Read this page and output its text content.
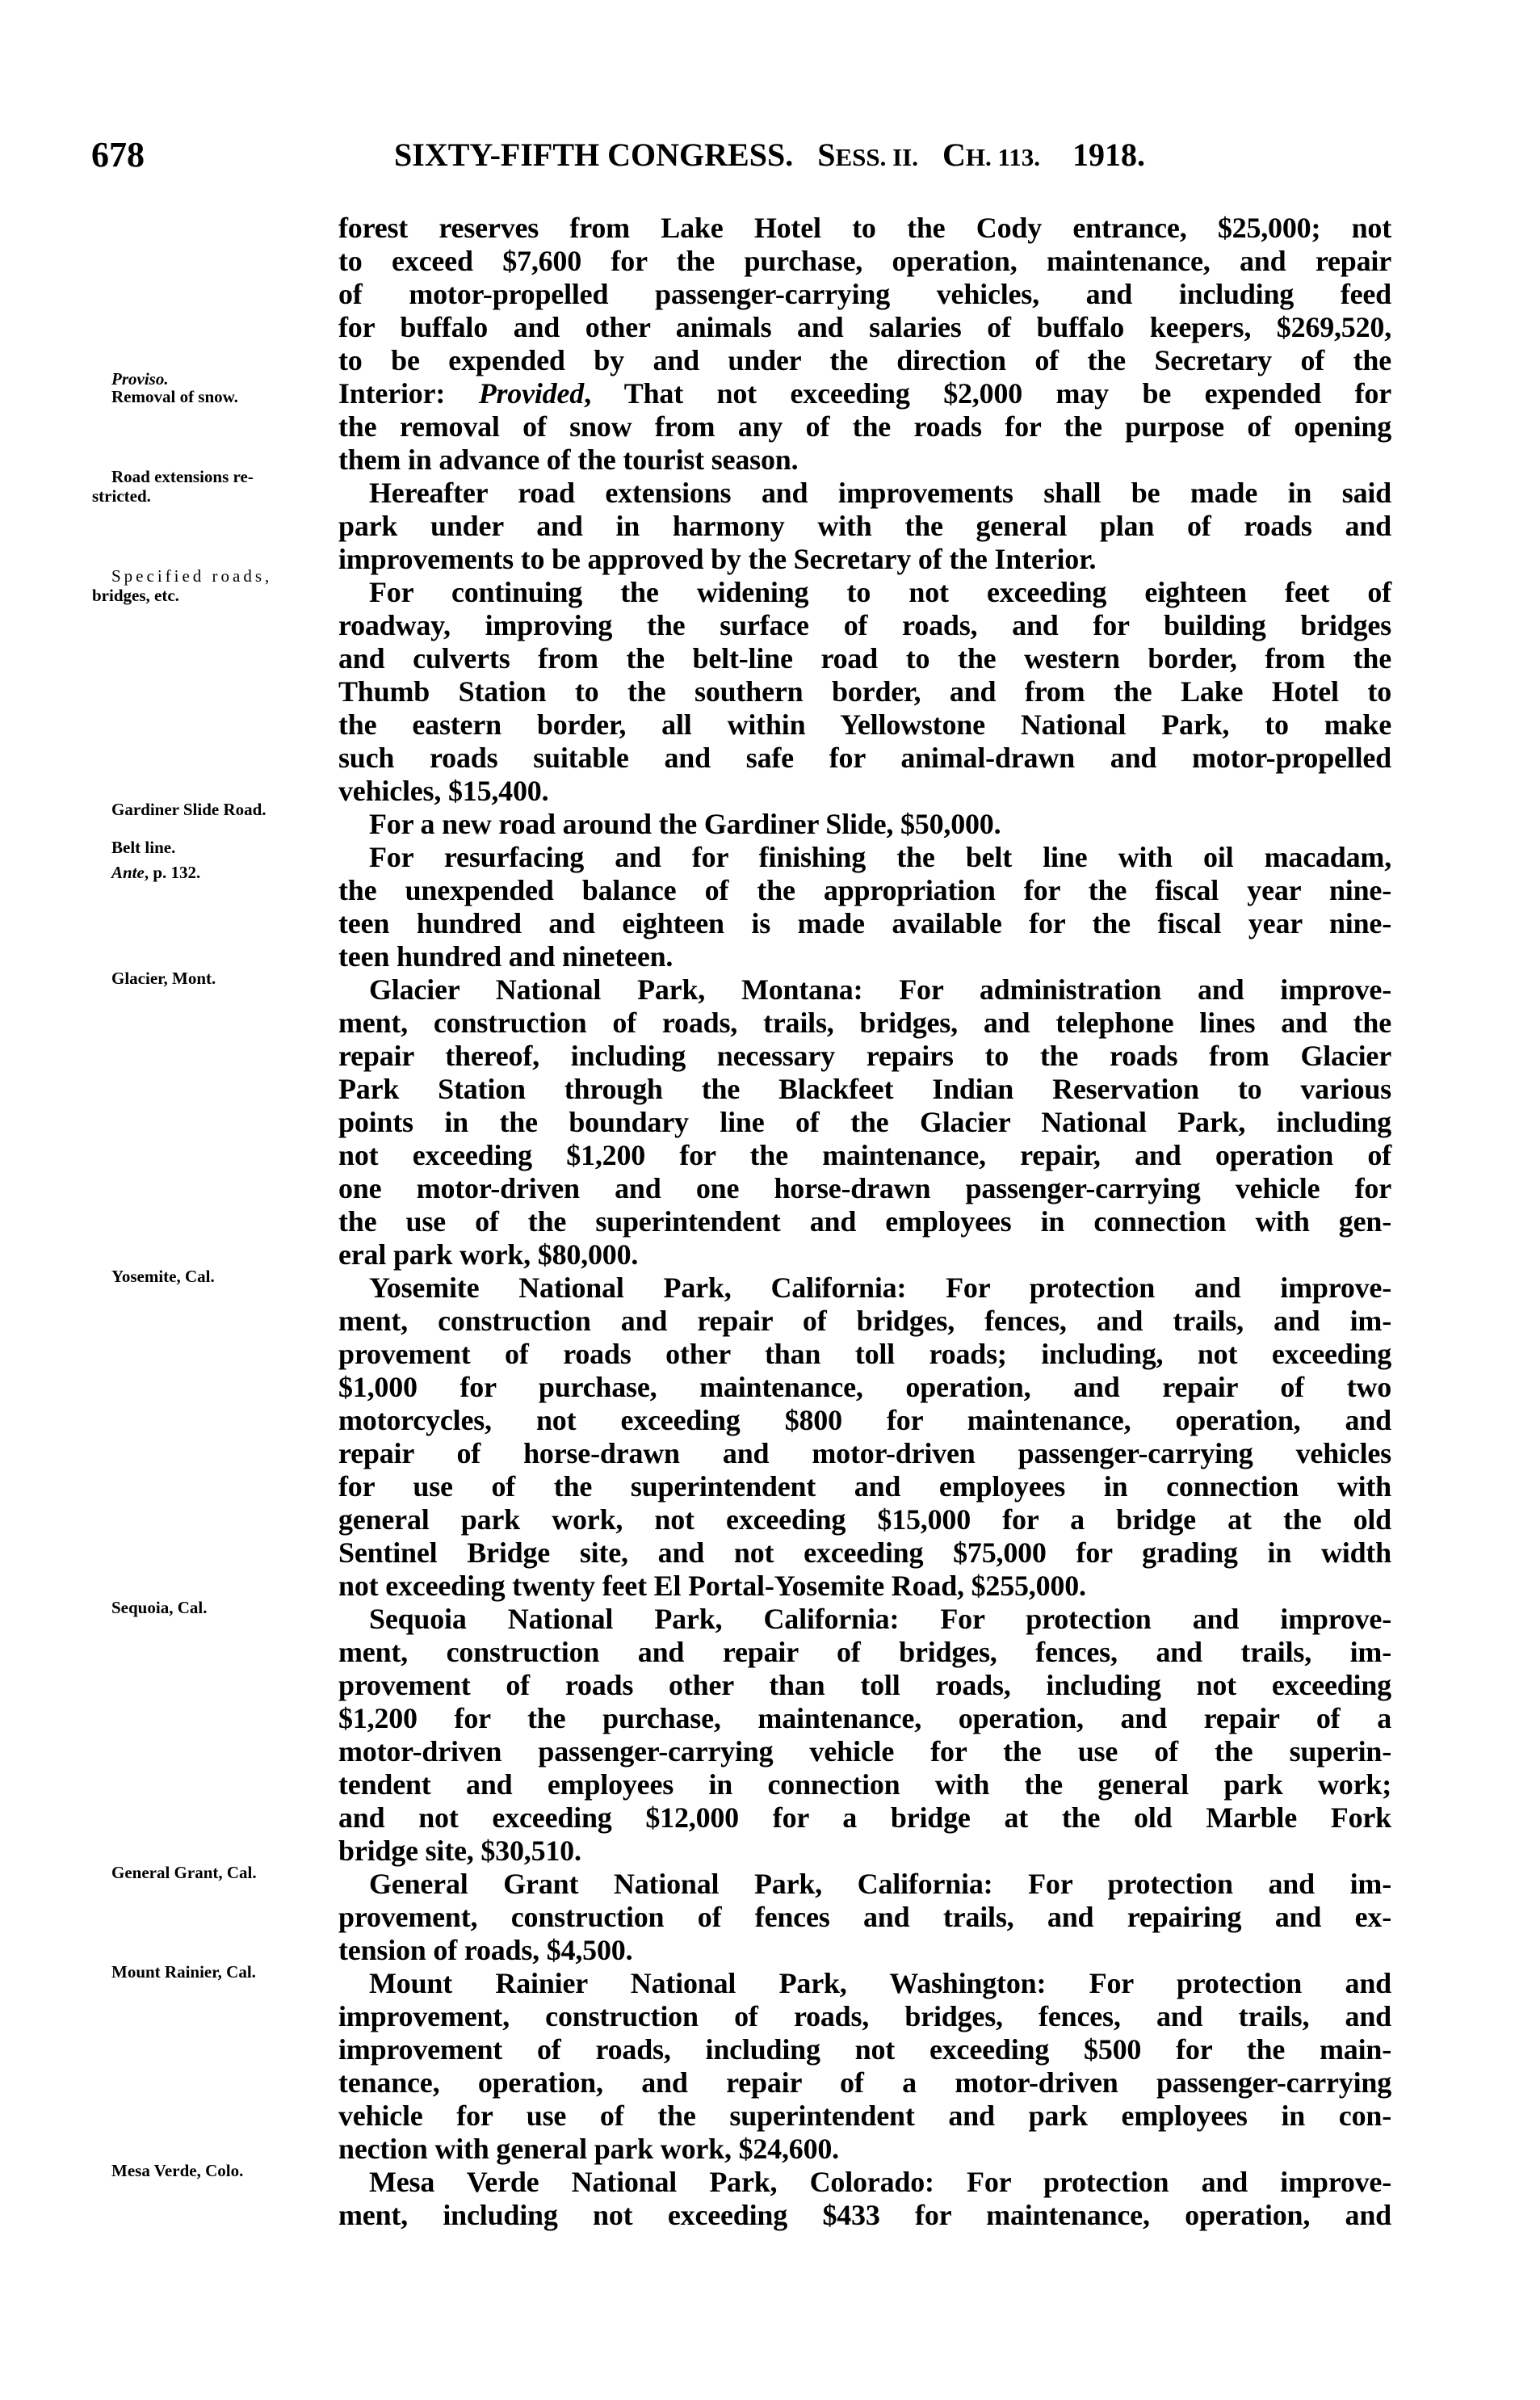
678	SIXTY-FIFTH CONGRESS. SESS. II. CH. 113. 1918.
forest reserves from Lake Hotel to the Cody entrance, $25,000; not
to exceed $7,600 for the purchase, operation, maintenance, and repair
of motor-propelled passenger-carrying vehicles, and including feed
for buffalo and other animals and salaries of buffalo keepers, $269,520,
to be expended by and under the direction of the Secretary of the
Interior: Provided, That not exceeding $2,000 may be expended for
the removal of snow from any of the roads for the purpose of opening
them in advance of the tourist season.
Hereafter road extensions and improvements shall be made in said
park under and in harmony with the general plan of roads and
improvements to be approved by the Secretary of the Interior.
For continuing the widening to not exceeding eighteen feet of
roadway, improving the surface of roads, and for building bridges
and culverts from the belt-line road to the western border, from the
Thumb Station to the southern border, and from the Lake Hotel to
the eastern border, all within Yellowstone National Park, to make
such roads suitable and safe for animal-drawn and motor-propelled
vehicles, $15,400.
For a new road around the Gardiner Slide, $50,000.
For resurfacing and for finishing the belt line with oil macadam,
the unexpended balance of the appropriation for the fiscal year nine-
teen hundred and eighteen is made available for the fiscal year nine-
teen hundred and nineteen.
Glacier National Park, Montana: For administration and improve-
ment, construction of roads, trails, bridges, and telephone lines and the
repair thereof, including necessary repairs to the roads from Glacier
Park Station through the Blackfeet Indian Reservation to various
points in the boundary line of the Glacier National Park, including
not exceeding $1,200 for the maintenance, repair, and operation of
one motor-driven and one horse-drawn passenger-carrying vehicle for
the use of the superintendent and employees in connection with gen-
eral park work, $80,000.
Yosemite National Park, California: For protection and improve-
ment, construction and repair of bridges, fences, and trails, and im-
provement of roads other than toll roads; including, not exceeding
$1,000 for purchase, maintenance, operation, and repair of two
motorcycles, not exceeding $800 for maintenance, operation, and
repair of horse-drawn and motor-driven passenger-carrying vehicles
for use of the superintendent and employees in connection with
general park work, not exceeding $15,000 for a bridge at the old
Sentinel Bridge site, and not exceeding $75,000 for grading in width
not exceeding twenty feet El Portal-Yosemite Road, $255,000.
Sequoia National Park, California: For protection and improve-
ment, construction and repair of bridges, fences, and trails, im-
provement of roads other than toll roads, including not exceeding
$1,200 for the purchase, maintenance, operation, and repair of a
motor-driven passenger-carrying vehicle for the use of the superin-
tendent and employees in connection with the general park work;
and not exceeding $12,000 for a bridge at the old Marble Fork
bridge site, $30,510.
General Grant National Park, California: For protection and im-
provement, construction of fences and trails, and repairing and ex-
tension of roads, $4,500.
Mount Rainier National Park, Washington: For protection and
improvement, construction of roads, bridges, fences, and trails, and
improvement of roads, including not exceeding $500 for the main-
tenance, operation, and repair of a motor-driven passenger-carrying
vehicle for use of the superintendent and park employees in con-
nection with general park work, $24,600.
Mesa Verde National Park, Colorado: For protection and improve-
ment, including not exceeding $433 for maintenance, operation, and
Proviso.
Removal of snow.
Road extensions re-
stricted.
Specified roads,
bridges, etc.
Gardiner Slide Road.
Belt line.
Ante, p. 132.
Glacier, Mont.
Yosemite, Cal.
Sequoia, Cal.
General Grant, Cal.
Mount Rainier, Cal.
Mesa Verde, Colo.
